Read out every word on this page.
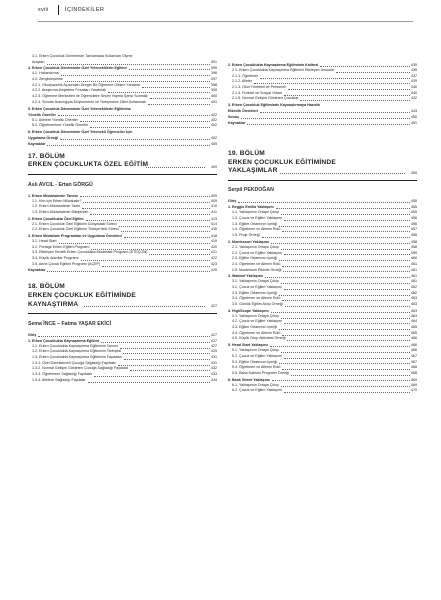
xviii	İÇİNDEKİLER
3.1. Erken Çocukluk Döneminde Tanılamada Kullanılan Ölçme
Araçları	391
4. Erken Çocukluk Döneminde Özel Yeteneklilerin Eğitimi	395
4.1. Hızlandırma	396
4.2. Zenginleştirme	397
4.2.1. Okuryazarlık Açısından Zengin Bir Öğrenme Ortamı Yaratma	398
4.2.2. Araştırma-Keşfetme Fırsatları Yaratmak	399
4.2.3. Öğrenme Merkezleri ile Öğrencilere Seçim Yapma Şansı Sunmak	400
4.2.4. Sorular Aracılığıyla Düşünmenin ve Tartışmanın Dilini Kullanmak	401
5. Erken Çocukluk Döneminde Özel Yeteneklilerin Eğitimine
Yönelik Öneriler	402
5.1. Ailelere Yönelik Öneriler	402
5.2. Öğretmenlere Yönelik Öneriler	402
6. Erken Çocukluk Döneminde Özel Yetenekli Öğrenciler İçin
Uygulama Örneği	402
Kaynaklar	405
17. BÖLÜM
ERKEN ÇOCUKLUKTA ÖZEL EĞİTİM	409
Aslı AVCIL - Ertan GÖRGÜ
1. Erken Müdahalenin Tanımı	409
1.1. Kim için Erken Müdahale?	409
1.2. Erken Müdahalenin Tarihi	410
1.3. Erken Müdahalenin Bileşenleri	411
2. Erken Çocuklukta Özel Eğitim	413
2.1. Erken Çocukluk Özel Eğitimin Dünyadaki Süreci	414
2.2. Erken Çocukluk Özel Eğitimin Türkiye'deki Süreci	416
3. Erken Müdahale Programları ve Uygulama Örnekleri	418
3.1. Head Start	419
3.2. Portage Erken Eğitim Programı	420
3.3. Etkileşim Temelli Erken Çocuklukta Müdahale Programı (ETEÇOM)	421
3.4. Küçük Adımlar Programı	422
3.5. Anne-Çocuk Eğitimi Programı (AÇEP)	423
Kaynaklar	425
18. BÖLÜM
ERKEN ÇOCUKLUK EĞİTİMİNDE
KAYNAŞTIRMA	427
Sema İNCE – Fatma YAŞAR EKİCİ
Giriş	427
1. Erken Çocuklukta Kaynaştırma Eğitimi	427
1.1. Erken Çocuklukta Kaynaştırma Eğitiminin Tanımı	427
1.2. Erken Çocuklukta Kaynaştırma Eğitiminin Tarihçesi	429
1.3. Erken Çocuklukta Kaynaştırma Eğitiminin Faydaları	431
1.3.1. Özel Gereksinimli Çocuğa Sağladığı Faydalar	431
1.3.2. Normal Gelişim Gösteren Çocuğa Sağladığı Faydalar	432
1.3.3. Öğretmene Sağladığı Faydalar	433
1.3.4. Ailelere Sağladığı Faydalar	434
2. Erken Çocuklukta Kaynaştırma Eğitiminin Kalitesi	435
2.1. Erken Çocuklukta Kaynaştırma Eğitimini Etkileyen Unsurlar	435
2.1.1. Öğretmen	437
2.1.2. Aileler	439
2.1.3. Okul Yönetimi ve Personeli	440
2.1.4. Fiziksel ve Sosyal Ortam	440
2.1.5. Normal Gelişim Gösteren Çocuklar	442
3. Erken Çocukluk Eğitiminde Kaynaştırmaya Hazırlık
Etkinlik Örnekleri	443
Sonuç	450
Kaynaklar	451
19. BÖLÜM
ERKEN ÇOCUKLUK EĞİTİMİNDE
YAKLAŞIMLAR	455
Serpil PEKDOĞAN
Giriş	455
1. Reggio Emilia Yaklaşımı	455
1.1. Yaklaşımın Ortaya Çıkışı	455
1.2. Çocuk ve Eğitim Yaklaşımı	456
1.3. Eğitim Ortamının İçeriği	456
1.4. Öğretmen ve Ailenin Rolü	457
1.5. Proje Örneği	458
2. Montessori Yaklaşımı	458
2.1. Yaklaşımın Ortaya Çıkışı	458
2.2. Çocuk ve Eğitim Yaklaşımı	459
2.3. Eğitim Ortamının İçeriği	460
2.4. Öğretmen ve Ailenin Rolü	461
2.5. Montessori Etkinlik Örneği	461
3. Waldorf Yaklaşımı	461
3.1. Yaklaşımın Ortaya Çıkışı	461
3.2. Çocuk ve Eğitim Yaklaşımı	462
3.3. Eğitim Ortamının İçeriği	462
3.4. Öğretmen ve Ailenin Rolü	463
3.5. Günlük Eğitim Akışı Örneği	463
4. HighScope Yaklaşımı	463
4.1. Yaklaşımın Ortaya Çıkışı	463
4.2. Çocuk ve Eğitim Yaklaşımı	464
4.3. Eğitim Ortamının İçeriği	465
4.4. Öğretmen ve Ailenin Rolü	465
4.5. Küçük Grup Aktivitesi Örneği	466
5. Head Start Yaklaşımı	466
5.1. Yaklaşımın Ortaya Çıkışı	466
5.2. Çocuk ve Eğitim Yaklaşımı	467
5.3. Eğitim Ortamının İçeriği	467
5.4. Öğretmen ve Ailenin Rolü	468
5.5. Baba Katılımı Programı Örneği	468
6. Bank Street Yaklaşımı	469
6.1. Yaklaşımın Ortaya Çıkışı	469
6.2. Çocuk ve Eğitim Yaklaşımı	470
